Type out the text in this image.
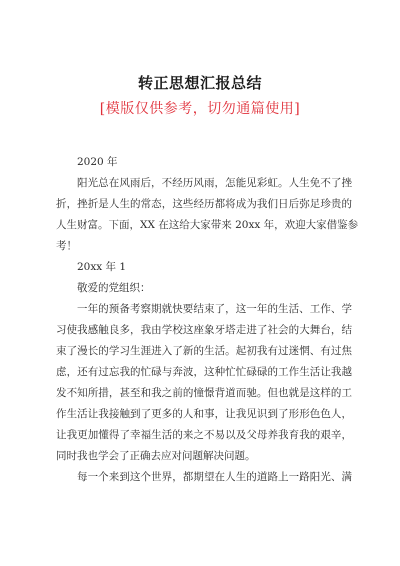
转正思想汇报总结
[模版仅供参考，切勿通篇使用]
2020 年
阳光总在风雨后，不经历风雨，怎能见彩虹。人生免不了挫
折，挫折是人生的常态，这些经历都将成为我们日后弥足珍贵的
人生财富。下面，XX 在这给大家带来 20xx 年，欢迎大家借鉴参
考！
20xx 年 1
敬爱的党组织：
一年的预备考察期就快要结束了，这一年的生活、工作、学
习使我感触良多，我由学校这座象牙塔走进了社会的大舞台，结
束了漫长的学习生涯进入了新的生活。起初我有过迷惘、有过焦
虑，还有过忘我的忙碌与奔波，这种忙忙碌碌的工作生活让我越
发不知所措，甚至和我之前的憧憬背道而驰。但也就是这样的工
作生活让我接触到了更多的人和事，让我见识到了形形色色人，
让我更加懂得了幸福生活的来之不易以及父母养我育我的艰辛，
同时我也学会了正确去应对问题解决问题。
每一个来到这个世界，都期望在人生的道路上一路阳光、满
